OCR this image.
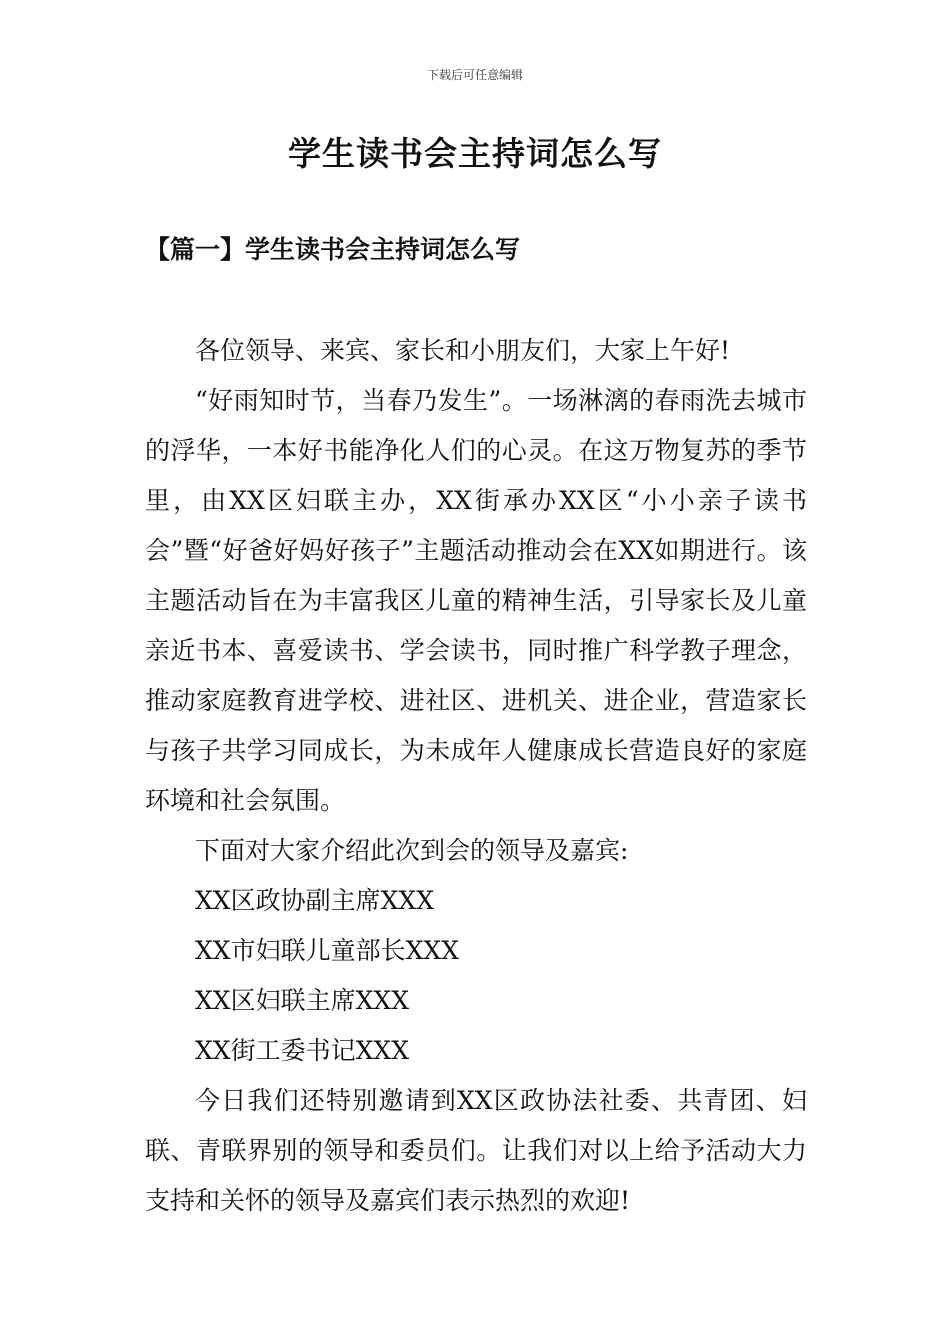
下载后可任意编辑
学生读书会主持词怎么写
【篇一】学生读书会主持词怎么写

各位领导、来宾、家长和小朋友们，大家上午好!

“好雨知时节，当春乃发生”。一场淋漓的春雨洗去城市的浮华，一本好书能净化人们的心灵。在这万物复苏的季节里，由XX区妇联主办，XX街承办XX区“小小亲子读书会”暨“好爸好妈好孩子”主题活动推动会在XX如期进行。该主题活动旨在为丰富我区儿童的精神生活，引导家长及儿童亲近书本、喜爱读书、学会读书，同时推广科学教子理念，推动家庭教育进学校、进社区、进机关、进企业，营造家长与孩子共学习同成长，为未成年人健康成长营造良好的家庭环境和社会氛围。

下面对大家介绍此次到会的领导及嘉宾:

XX区政协副主席XXX

XX市妇联儿童部长XXX

XX区妇联主席XXX

XX街工委书记XXX

今日我们还特别邀请到XX区政协法社委、共青团、妇联、青联界别的领导和委员们。让我们对以上给予活动大力支持和关怀的领导及嘉宾们表示热烈的欢迎!
